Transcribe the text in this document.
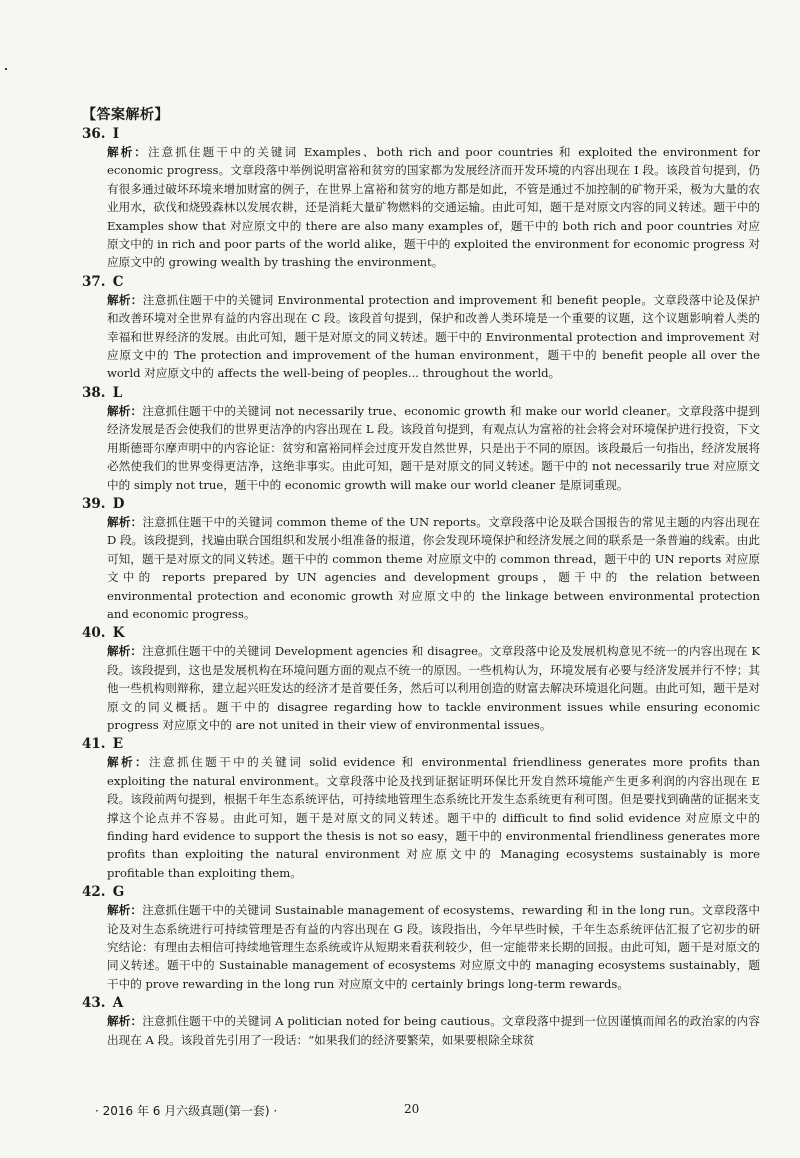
【答案解析】
36. I
解析：注意抓住题干中的关键词 Examples、both rich and poor countries 和 exploited the environment for economic progress。文章段落中举例说明富裕和贫穷的国家都为发展经济而开发环境的内容出现在 I 段。该段首句提到，仍有很多通过破坏环境来增加财富的例子，在世界上富裕和贫穷的地方都是如此，不管是通过不加控制的矿物开采，极为大量的农业用水，砍伐和烧毁森林以发展农耕，还是消耗大量矿物燃料的交通运输。由此可知，题干是对原文内容的同义转述。题干中的 Examples show that 对应原文中的 there are also many examples of，题干中的 both rich and poor countries 对应原文中的 in rich and poor parts of the world alike，题干中的 exploited the environment for economic progress 对应原文中的 growing wealth by trashing the environment。
37. C
解析：注意抓住题干中的关键词 Environmental protection and improvement 和 benefit people。文章段落中论及保护和改善环境对全世界有益的内容出现在 C 段。该段首句提到，保护和改善人类环境是一个重要的议题，这个议题影响着人类的幸福和世界经济的发展。由此可知，题干是对原文的同义转述。题干中的 Environmental protection and improvement 对应原文中的 The protection and improvement of the human environment，题干中的 benefit people all over the world 对应原文中的 affects the well-being of peoples... throughout the world。
38. L
解析：注意抓住题干中的关键词 not necessarily true、economic growth 和 make our world cleaner。文章段落中提到经济发展是否会使我们的世界更洁净的内容出现在 L 段。该段首句提到，有观点认为富裕的社会将会对环境保护进行投资，下文用斯德哥尔摩声明中的内容论证：贫穷和富裕同样会过度开发自然世界，只是出于不同的原因。该段最后一句指出，经济发展将必然使我们的世界变得更洁净，这绝非事实。由此可知，题干是对原文的同义转述。题干中的 not necessarily true 对应原文中的 simply not true，题干中的 economic growth will make our world cleaner 是原词重现。
39. D
解析：注意抓住题干中的关键词 common theme of the UN reports。文章段落中论及联合国报告的常见主题的内容出现在 D 段。该段提到，找遍由联合国组织和发展小组准备的报道，你会发现环境保护和经济发展之间的联系是一条普遍的线索。由此可知，题干是对原文的同义转述。题干中的 common theme 对应原文中的 common thread，题干中的 UN reports 对应原文中的 reports prepared by UN agencies and development groups，题干中的 the relation between environmental protection and economic growth 对应原文中的 the linkage between environmental protection and economic progress。
40. K
解析：注意抓住题干中的关键词 Development agencies 和 disagree。文章段落中论及发展机构意见不统一的内容出现在 K 段。该段提到，这也是发展机构在环境问题方面的观点不统一的原因。一些机构认为，环境发展有必要与经济发展并行不悖；其他一些机构则辩称，建立起兴旺发达的经济才是首要任务，然后可以利用创造的财富去解决环境退化问题。由此可知，题干是对原文的同义概括。题干中的 disagree regarding how to tackle environment issues while ensuring economic progress 对应原文中的 are not united in their view of environmental issues。
41. E
解析：注意抓住题干中的关键词 solid evidence 和 environmental friendliness generates more profits than exploiting the natural environment。文章段落中论及找到证据证明环保比开发自然环境能产生更多利润的内容出现在 E 段。该段前两句提到，根据千年生态系统评估，可持续地管理生态系统比开发生态系统更有利可图。但是要找到确凿的证据来支撑这个论点并不容易。由此可知，题干是对原文的同义转述。题干中的 difficult to find solid evidence 对应原文中的 finding hard evidence to support the thesis is not so easy，题干中的 environmental friendliness generates more profits than exploiting the natural environment 对应原文中的 Managing ecosystems sustainably is more profitable than exploiting them。
42. G
解析：注意抓住题干中的关键词 Sustainable management of ecosystems、rewarding 和 in the long run。文章段落中论及对生态系统进行可持续管理是否有益的内容出现在 G 段。该段指出，今年早些时候，千年生态系统评估汇报了它初步的研究结论：有理由去相信可持续地管理生态系统或许从短期来看获利较少，但一定能带来长期的回报。由此可知，题干是对原文的同义转述。题干中的 Sustainable management of ecosystems 对应原文中的 managing ecosystems sustainably，题干中的 prove rewarding in the long run 对应原文中的 certainly brings long-term rewards。
43. A
解析：注意抓住题干中的关键词 A politician noted for being cautious。文章段落中提到一位因谨慎而闻名的政治家的内容出现在 A 段。该段首先引用了一段话：“如果我们的经济要繁荣，如果要根除全球贫
· 2016 年 6 月六级真题(第一套) ·	20
